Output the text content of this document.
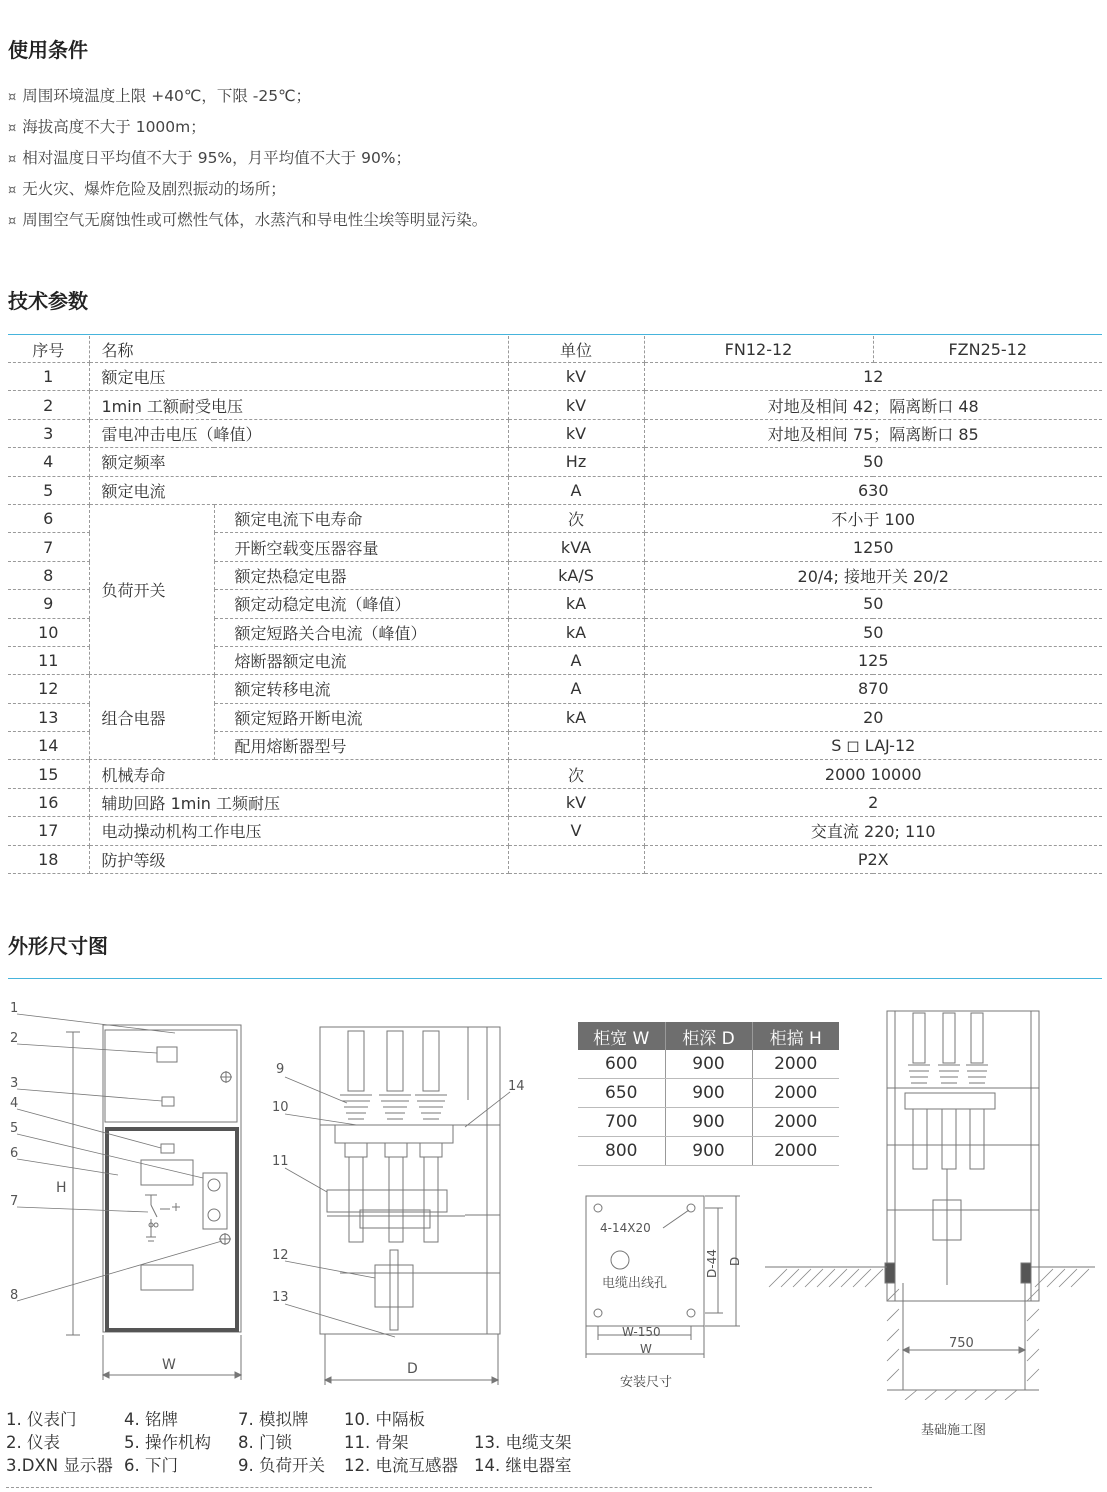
使用条件
¤ 周围环境温度上限 +40℃，下限 -25℃；
¤ 海拔高度不大于 1000m；
¤ 相对温度日平均值不大于 95%，月平均值不大于 90%；
¤ 无火灾、爆炸危险及剧烈振动的场所；
¤ 周围空气无腐蚀性或可燃性气体，水蒸汽和导电性尘埃等明显污染。
技术参数
序号	名称		单位	FN12-12	FZN25-12
1	额定电压		kV	12	
2	1min 工额耐受电压		kV	对地及相间 42；隔离断口 48	
3	雷电冲击电压（峰值）		kV	对地及相间 75；隔离断口 85	
4	额定频率		Hz	50	
5	额定电流		A	630	
6	负荷开关	额定电流下电寿命	次	不小于 100	
7		开断空载变压器容量	kVA	1250	
8		额定热稳定电器	kA/S	20/4; 接地开关 20/2	
9		额定动稳定电流（峰值）	kA	50	
10		额定短路关合电流（峰值）	kA	50	
11		熔断器额定电流	A	125	
12	组合电器	额定转移电流	A	870	
13		额定短路开断电流	kA	20	
14		配用熔断器型号		S ◻ LAJ-12	
15	机械寿命		次	2000 10000	
16	辅助回路 1min 工频耐压		kV	2	
17	电动操动机构工作电压		V	交直流 220; 110	
18	防护等级			P2X	
外形尺寸图
1
2
3
4
5
6
7
8
H
W
9
10
11
12
13
14
D
柜宽 W	柜深 D	柜搞 H
600	900	2000
650	900	2000
700	900	2000
800	900	2000
4-14X20
电缆出线孔
D-44 D
W-150
W
安装尺寸
750
基础施工图
1. 仪表门
2. 仪表
3.DXN 显示器
4. 铭牌
5. 操作机构
6. 下门
7. 模拟牌
8. 门锁
9. 负荷开关
10. 中隔板
11. 骨架
12. 电流互感器
13. 电缆支架
14. 继电器室
